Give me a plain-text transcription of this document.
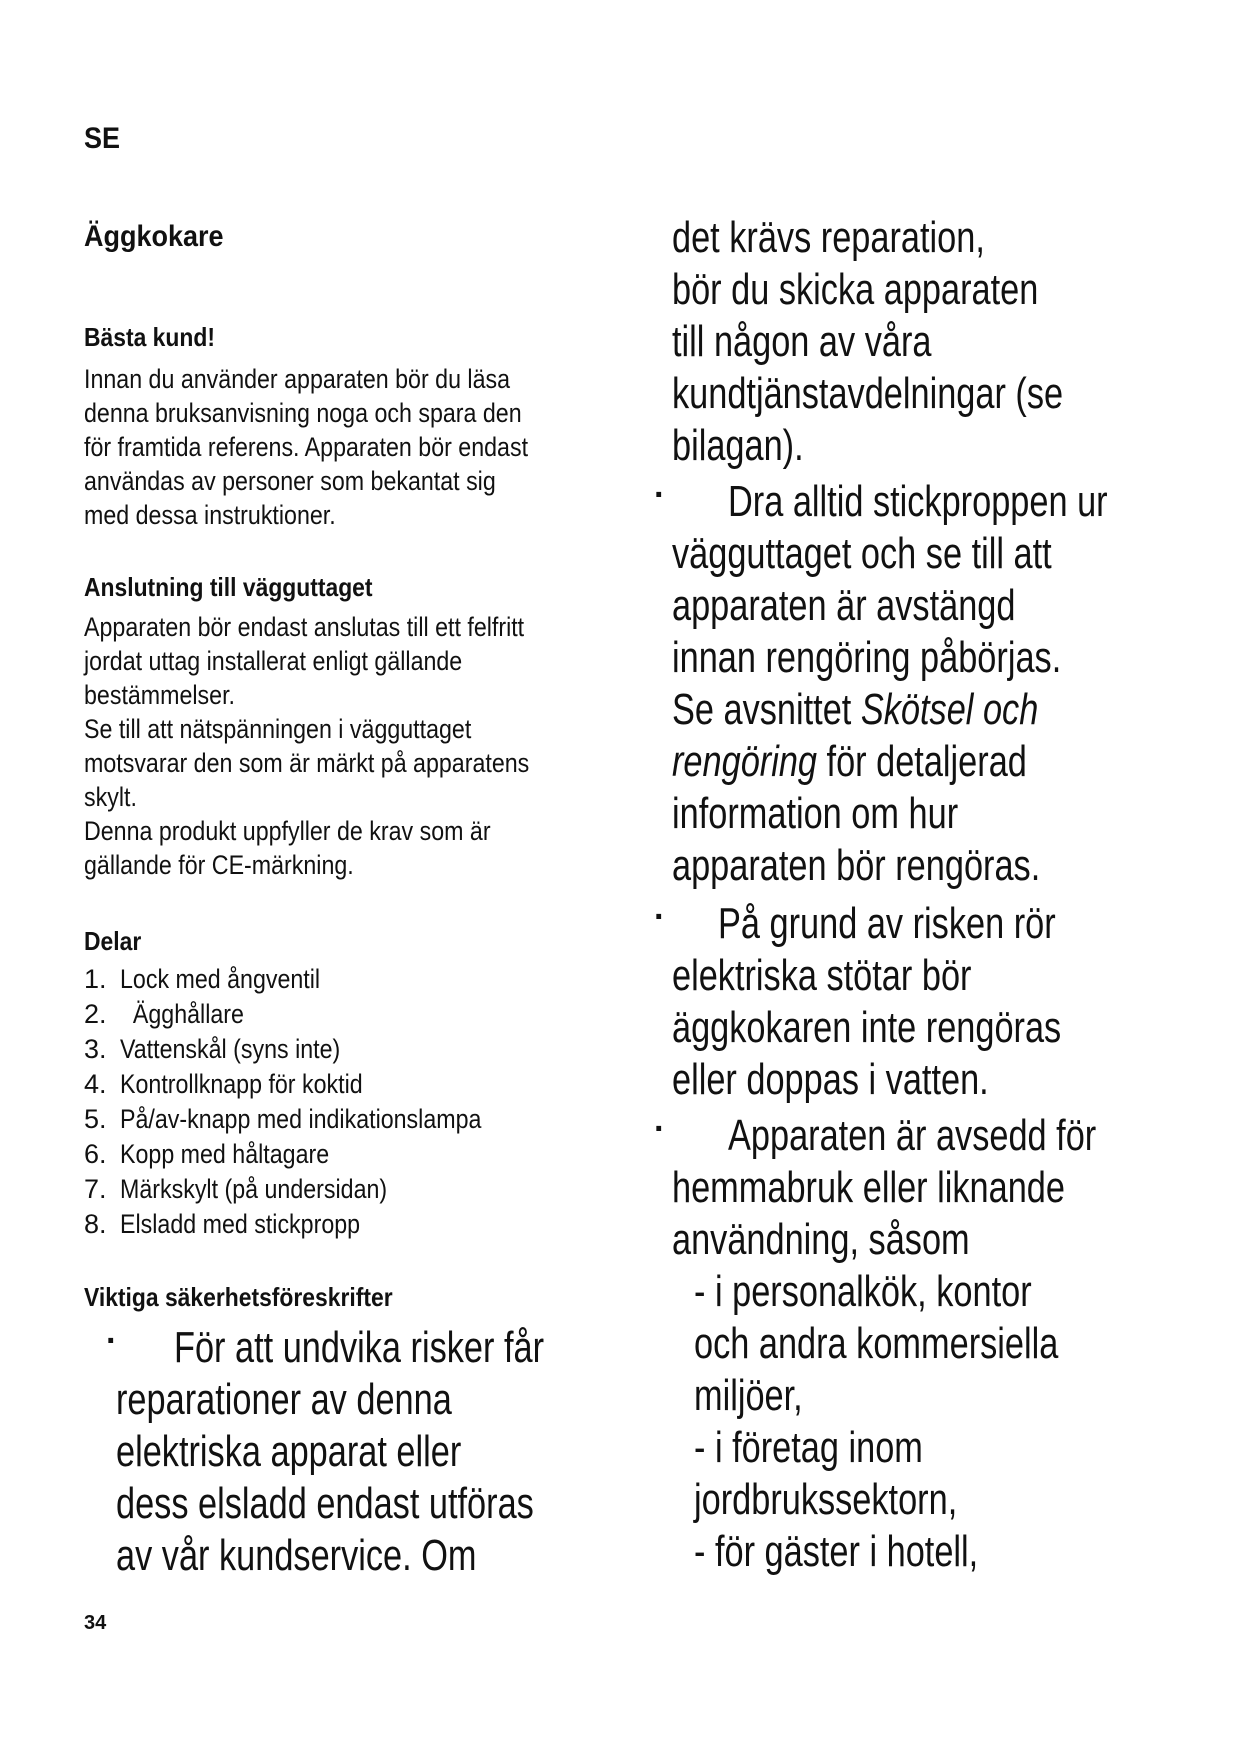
SE
Äggkokare
Bästa kund!
Innan du använder apparaten bör du läsa
denna bruksanvisning noga och spara den
för framtida referens. Apparaten bör endast
användas av personer som bekantat sig
med dessa instruktioner.
Anslutning till vägguttaget
Apparaten bör endast anslutas till ett felfritt
jordat uttag installerat enligt gällande
bestämmelser.
Se till att nätspänningen i vägguttaget
motsvarar den som är märkt på apparatens
skylt.
Denna produkt uppfyller de krav som är
gällande för CE-märkning.
Delar
1. Lock med ångventil
2.  Ägghållare
3. Vattenskål (syns inte)
4. Kontrollknapp för koktid
5. På/av-knapp med indikationslampa
6. Kopp med håltagare
7. Märkskylt (på undersidan)
8. Elsladd med stickpropp
Viktiga säkerhetsföreskrifter
· För att undvika risker får
reparationer av denna
elektriska apparat eller
dess elsladd endast utföras
av vår kundservice. Om
det krävs reparation,
bör du skicka apparaten
till någon av våra
kundtjänstavdelningar (se
bilagan).
· Dra alltid stickproppen ur
vägguttaget och se till att
apparaten är avstängd
innan rengöring påbörjas.
Se avsnittet Skötsel och
rengöring för detaljerad
information om hur
apparaten bör rengöras.
· På grund av risken rör
elektriska stötar bör
äggkokaren inte rengöras
eller doppas i vatten.
· Apparaten är avsedd för
hemmabruk eller liknande
användning, såsom
- i personalkök, kontor
och andra kommersiella
miljöer,
- i företag inom
jordbrukssektorn,
- för gäster i hotell,
34
